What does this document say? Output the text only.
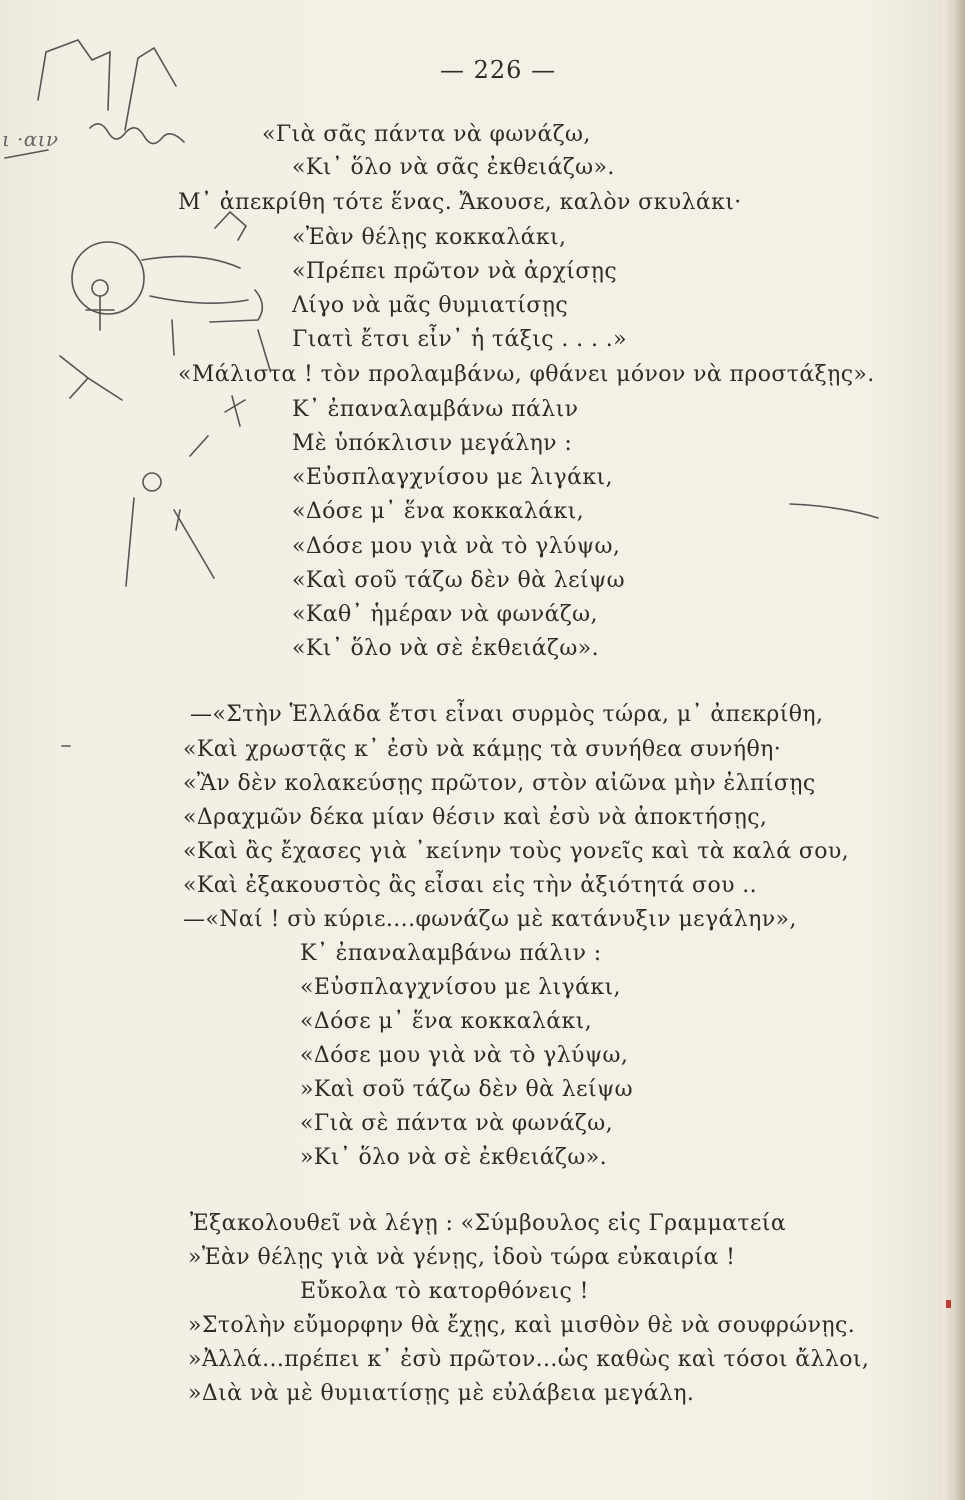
ι ·αιν
— 226 —
«Γιὰ σᾶς πάντα νὰ φωνάζω,
«Κι᾽ ὅλο νὰ σᾶς ἐκθειάζω».
Μ᾽ ἀπεκρίθη τότε ἕνας. Ἄκουσε, καλὸν σκυλάκι·
«Ἐὰν θέλῃς κοκκαλάκι,
«Πρέπει πρῶτον νὰ ἀρχίσῃς
Λίγο νὰ μᾶς θυμιατίσῃς
Γιατὶ ἔτσι εἶν᾽ ἡ τάξις . . . .»
«Μάλιστα ! τὸν προλαμβάνω, φθάνει μόνον νὰ προστάξῃς».
Κ᾽ ἐπαναλαμβάνω πάλιν
Μὲ ὑπόκλισιν μεγάλην :
«Εὐσπλαγχνίσου με λιγάκι,
«Δόσε μ᾽ ἕνα κοκκαλάκι,
«Δόσε μου γιὰ νὰ τὸ γλύψω,
«Καὶ σοῦ τάζω δὲν θὰ λείψω
«Καθ᾽ ἡμέραν νὰ φωνάζω,
«Κι᾽ ὅλο νὰ σὲ ἐκθειάζω».
—«Στὴν Ἑλλάδα ἔτσι εἶναι συρμὸς τώρα, μ᾽ ἀπεκρίθη,
«Καὶ χρωστᾷς κ᾽ ἐσὺ νὰ κάμῃς τὰ συνήθεα συνήθη·
«Ἂν δὲν κολακεύσῃς πρῶτον, στὸν αἰῶνα μὴν ἐλπίσῃς
«Δραχμῶν δέκα μίαν θέσιν καὶ ἐσὺ νὰ ἀποκτήσῃς,
«Καὶ ἂς ἔχασες γιὰ ᾽κείνην τοὺς γονεῖς καὶ τὰ καλά σου,
«Καὶ ἐξακουστὸς ἂς εἶσαι εἰς τὴν ἀξιότητά σου ..
—«Ναί ! σὺ κύριε....φωνάζω μὲ κατάνυξιν μεγάλην»,
Κ᾽ ἐπαναλαμβάνω πάλιν :
«Εὐσπλαγχνίσου με λιγάκι,
«Δόσε μ᾽ ἕνα κοκκαλάκι,
«Δόσε μου γιὰ νὰ τὸ γλύψω,
»Καὶ σοῦ τάζω δὲν θὰ λείψω
«Γιὰ σὲ πάντα νὰ φωνάζω,
»Κι᾽ ὅλο νὰ σὲ ἐκθειάζω».
Ἐξακολουθεῖ νὰ λέγῃ : «Σύμβουλος εἰς Γραμματεία
»Ἐὰν θέλῃς γιὰ νὰ γένῃς, ἰδοὺ τώρα εὐκαιρία !
Εὔκολα τὸ κατορθόνεις !
»Στολὴν εὔμορφην θὰ ἔχῃς, καὶ μισθὸν θὲ νὰ σουφρώνῃς.
»Ἀλλά...πρέπει κ᾽ ἐσὺ πρῶτον...ὡς καθὼς καὶ τόσοι ἄλλοι,
»Διὰ νὰ μὲ θυμιατίσῃς μὲ εὐλάβεια μεγάλη.
